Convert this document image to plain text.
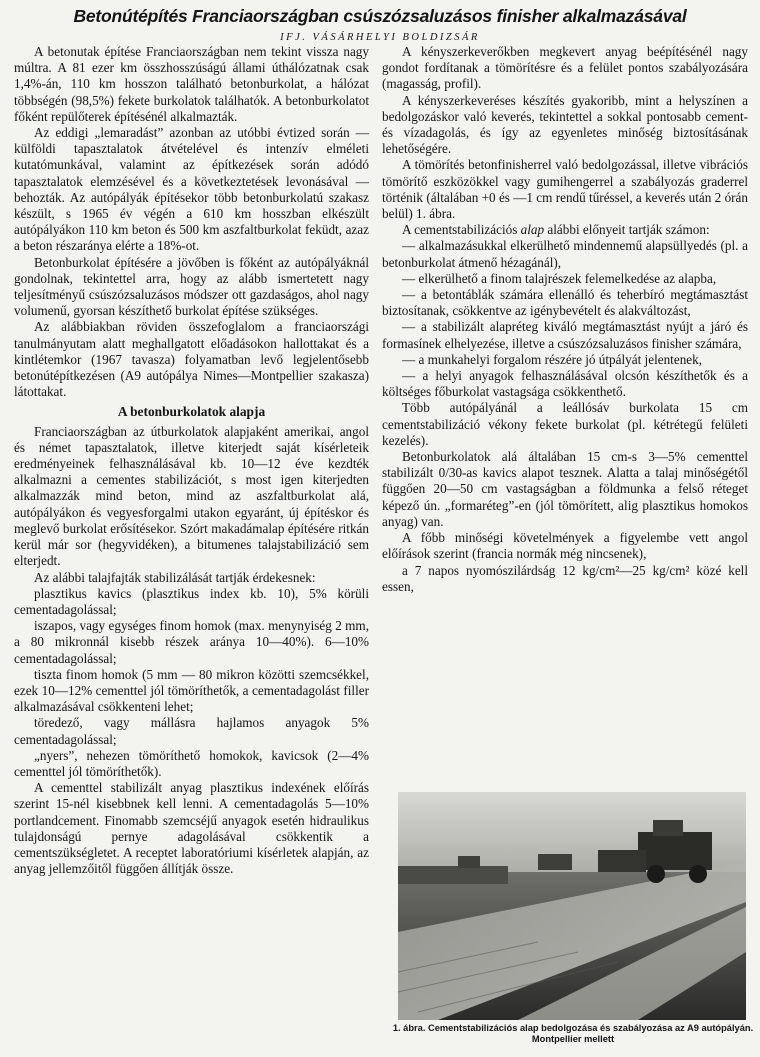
Betonútépítés Franciaországban csúszózsaluzásos finisher alkalmazásával
IFJ. VÁSÁRHELYI BOLDIZSÁR

A betonutak építése Franciaországban nem tekint vissza nagy múltra. A 81 ezer km összhosszúságú állami úthálózatnak csak 1,4%-án, 110 km hosszon található betonburkolat, a hálózat többségén (98,5%) fekete burkolatok találhatók. A betonburkolatot főként repülőterek építésénél alkalmazták.

Az eddigi „lemaradást” azonban az utóbbi évtized során — külföldi tapasztalatok átvételével és intenzív elméleti kutatómunkával, valamint az építkezések során adódó tapasztalatok elemzésével és a következtetések levonásával — behozták. Az autópályák építésekor több betonburkolatú szakasz készült, s 1965 év végén a 610 km hosszban elkészült autópályákon 110 km beton és 500 km aszfaltburkolat feküdt, azaz a beton részaránya elérte a 18%-ot.

Betonburkolat építésére a jövőben is főként az autópályáknál gondolnak, tekintettel arra, hogy az alább ismertetett nagy teljesítményű csúszózsaluzásos módszer ott gazdaságos, ahol nagy volumenű, gyorsan készíthető burkolat építése szükséges.

Az alábbiakban röviden összefoglalom a franciaországi tanulmányutam alatt meghallgatott előadásokon hallottakat és a kintlétemkor (1967 tavasza) folyamatban levő legjelentősebb betonútépítkezésen (A9 autópálya Nimes—Montpellier szakasza) látottakat.

A betonburkolatok alapja

Franciaországban az útburkolatok alapjaként amerikai, angol és német tapasztalatok, illetve kiterjedt saját kísérleteik eredményeinek felhasználásával kb. 10—12 éve kezdték alkalmazni a cementes stabilizációt, s most igen kiterjedten alkalmazzák mind beton, mind az aszfaltburkolat alá, autópályákon és vegyesforgalmi utakon egyaránt, új építéskor és meglevő burkolat erősítésekor. Szórt makadámalap építésére ritkán kerül már sor (hegyvidéken), a bitumenes talajstabilizáció sem elterjedt.

Az alábbi talajfajták stabilizálását tartják érdekesnek:

plasztikus kavics (plasztikus index kb. 10), 5% körüli cementadagolással;

iszapos, vagy egységes finom homok (max. menynyiség 2 mm, a 80 mikronnál kisebb részek aránya 10—40%). 6—10% cementadagolással;

tiszta finom homok (5 mm — 80 mikron közötti szemcsékkel, ezek 10—12% cementtel jól tömöríthetők, a cementadagolást filler alkalmazásával csökkenteni lehet;

töredező, vagy mállásra hajlamos anyagok 5% cementadagolással;

„nyers”, nehezen tömöríthető homokok, kavicsok (2—4% cementtel jól tömöríthetők).

A cementtel stabilizált anyag plasztikus indexének előírás szerint 15-nél kisebbnek kell lenni. A cementadagolás 5—10% portlandcement. Finomabb szemcséjű anyagok esetén hidraulikus tulajdonságú pernye adagolásával csökkentik a cementszükségletet. A receptet laboratóriumi kísérletek alapján, az anyag jellemzőitől függően állítják össze.

A kényszerkeverőkben megkevert anyag beépítésénél nagy gondot fordítanak a tömörítésre és a felület pontos szabályozására (magasság, profil).

A kényszerkeveréses készítés gyakoribb, mint a helyszínen a bedolgozáskor való keverés, tekintettel a sokkal pontosabb cement- és vízadagolás, és így az egyenletes minőség biztosításának lehetőségére.

A tömörítés betonfinisherrel való bedolgozással, illetve vibrációs tömörítő eszközökkel vagy gumihengerrel a szabályozás graderrel történik (általában +0 és —1 cm rendű tűréssel, a keverés után 2 órán belül) 1. ábra.

A cementstabilizációs alap alábbi előnyeit tartják számon:

— alkalmazásukkal elkerülhető mindennemű alapsüllyedés (pl. a betonburkolat átmenő hézagánál),

— elkerülhető a finom talajrészek felemelkedése az alapba,

— a betontáblák számára ellenálló és teherbíró megtámasztást biztosítanak, csökkentve az igénybevételt és alakváltozást,

— a stabilizált alapréteg kiváló megtámasztást nyújt a járó és formasínek elhelyezése, illetve a csúszózsaluzásos finisher számára,

— a munkahelyi forgalom részére jó útpályát jelentenek,

— a helyi anyagok felhasználásával olcsón készíthetők és a költséges főburkolat vastagsága csökkenthető.

Több autópályánál a leállósáv burkolata 15 cm cementstabilizáció vékony fekete burkolat (pl. kétrétegű felületi kezelés).

Betonburkolatok alá általában 15 cm-s 3—5% cementtel stabilizált 0/30-as kavics alapot tesznek. Alatta a talaj minőségétől függően 20—50 cm vastagságban a földmunka a felső réteget képező ún. „formaréteg”-en (jól tömörített, alig plasztikus homokos anyag) van.

A főbb minőségi követelmények a figyelembe vett angol előírások szerint (francia normák még nincsenek),

a 7 napos nyomószilárdság 12 kg/cm²—25 kg/cm² közé kell essen,

1. ábra. Cementstabilizációs alap bedolgozása és szabályozása az A9 autópályán. Montpellier mellett
